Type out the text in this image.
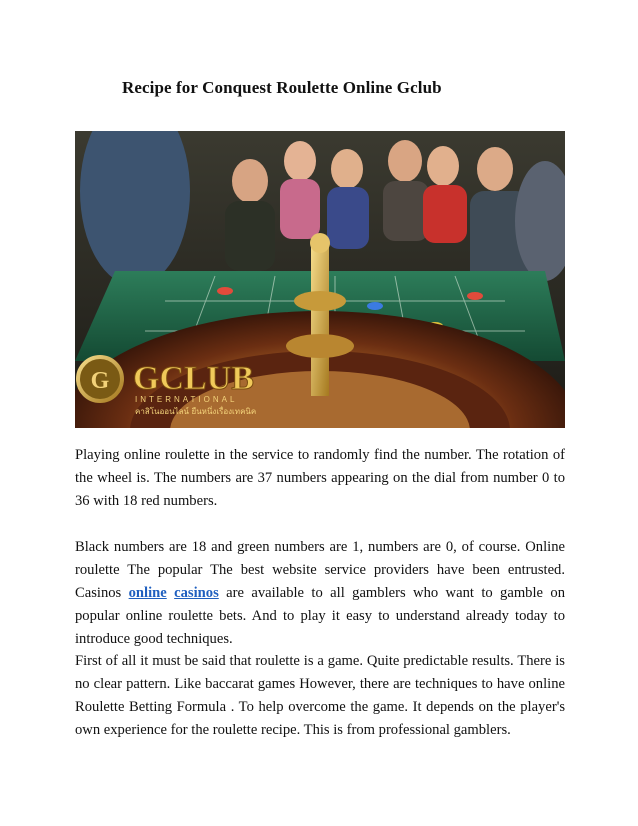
Recipe for Conquest Roulette Online Gclub
G GCLUB
INTERNATIONAL
คาสิโนออนไลน์ ยืนหนึ่งเรื่องเทคนิค

Playing online roulette in the service to randomly find the number. The rotation of the wheel is. The numbers are 37 numbers appearing on the dial from number 0 to 36 with 18 red numbers.

Black numbers are 18 and green numbers are 1, numbers are 0, of course. Online roulette The popular The best website service providers have been entrusted. Casinos online casinos are available to all gamblers who want to gamble on popular online roulette bets. And to play it easy to understand already today to introduce good techniques.

First of all it must be said that roulette is a game. Quite predictable results. There is no clear pattern. Like baccarat games However, there are techniques to have online Roulette Betting Formula . To help overcome the game. It depends on the player's own experience for the roulette recipe. This is from professional gamblers.
